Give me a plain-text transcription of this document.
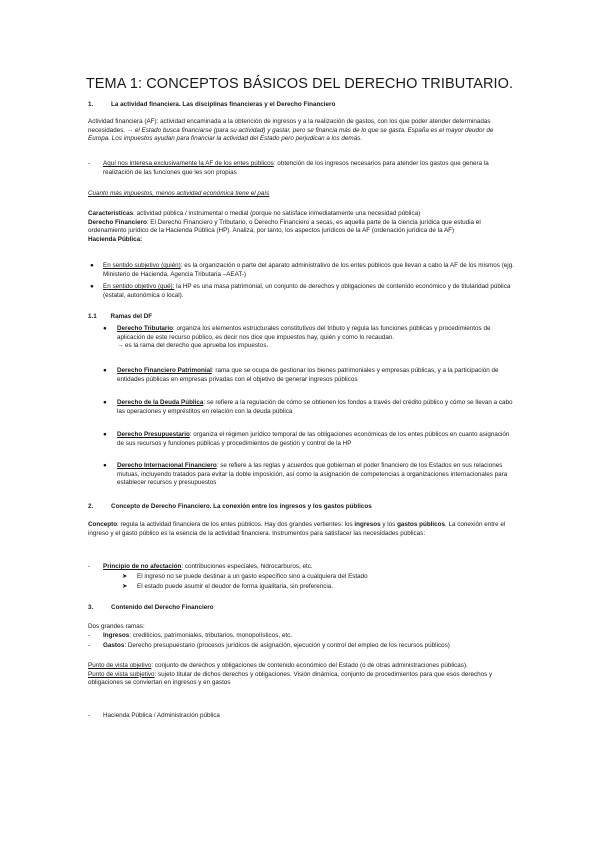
TEMA 1: CONCEPTOS BÁSICOS DEL DERECHO TRIBUTARIO.
1.	La actividad financiera. Las disciplinas financieras y el Derecho Financiero
Actividad financiera (AF): actividad encaminada a la obtención de ingresos y a la realización de gastos, con los que poder atender determinadas necesidades. → el Estado busca financiarse (para su actividad) y gastar, pero se financia más de lo que se gasta. España es el mayor deudor de Europa. Los impuestos ayudan para financiar la actividad del Estado pero perjudican a los demás.
- Aquí nos interesa exclusivamente la AF de los entes públicos: obtención de los ingresos necesarios para atender los gastos que genera la realización de las funciones que les son propias
Cuanto más impuestos, menos actividad económica tiene el país
Características: actividad pública / instrumental o medial (porque no satisface inmediatamente una necesidad pública)
Derecho Financiero: El Derecho Financiero y Tributario, o Derecho Financiero a secas, es aquella parte de la ciencia jurídica que estudia el ordenamiento jurídico de la Hacienda Pública (HP). Analiza, por tanto, los aspectos jurídicos de la AF (ordenación jurídica de la AF)
Hacienda Pública:
● En sentido subjetivo (quién): es la organización o parte del aparato administrativo de los entes públicos que llevan a cabo la AF de los mismos (ejg. Ministerio de Hacienda, Agencia Tributaria –AEAT-)
● En sentido objetivo (qué): la HP es una masa patrimonial, un conjunto de derechos y obligaciones de contenido económico y de titularidad pública (estatal, autonómica o local).
1.1 Ramas del DF
● Derecho Tributario: organiza los elementos estructurales constitutivos del tributo y regula las funciones públicas y procedimientos de aplicación de este recurso público, es decir nos dice que impuestos hay, quién y como lo recaudan.
→ es la rama del derecho que aprueba los impuestos.
● Derecho Financiero Patrimonial: rama que se ocupa de gestionar los bienes patrimoniales y empresas públicas, y a la participación de entidades públicas en empresas privadas con el objetivo de generar ingresos públicos
● Derecho de la Deuda Pública: se refiere a la regulación de cómo se obtienen los fondos a través del crédito público y cómo se llevan a cabo las operaciones y empréstitos en relación con la deuda pública
● Derecho Presupuestario: organiza el régimen jurídico temporal de las obligaciones económicas de los entes públicos en cuanto asignación de sus recursos y funciones públicas y procedimientos de gestión y control de la HP
● Derecho Internacional Financiero: se refiere a las reglas y acuerdos que gobiernan el poder financiero de los Estados en sus relaciones mutuas, incluyendo tratados para evitar la doble imposición, así como la asignación de competencias a organizaciones internacionales para establecer recursos y presupuestos
2.	Concepto de Derecho Financiero. La conexión entre los ingresos y los gastos públicos
Concepto: regula la actividad financiera de los entes públicos. Hay dos grandes vertientes: los ingresos y los gastos públicos. La conexión entre el ingreso y el gasto público es la esencia de la actividad financiera. Instrumentos para satisfacer las necesidades públicas:
- Principio de no afectación: contribuciones especiales, hidrocarburos, etc.
➤ El ingreso no se puede destinar a un gasto específico sino a cualquiera del Estado
➤ El estado puede asumir el deudor de forma igualitaria, sin preferencia.
3.	Contenido del Derecho Financiero
Dos grandes ramas:
- Ingresos: crediticios, patrimoniales, tributarios, monopolísticos, etc.
- Gastos: Derecho presupuestario (procesos jurídicos de asignación, ejecución y control del empleo de los recursos públicos)
Punto de vista objetivo: conjunto de derechos y obligaciones de contenido económico del Estado (o de otras administraciones públicas).
Punto de vista subjetivo: sujeto titular de dichos derechos y obligaciones. Visión dinámica, conjunto de procedimientos para que esos derechos y obligaciones se conviertan en ingresos y en gastos
- Hacienda Pública / Administración pública
